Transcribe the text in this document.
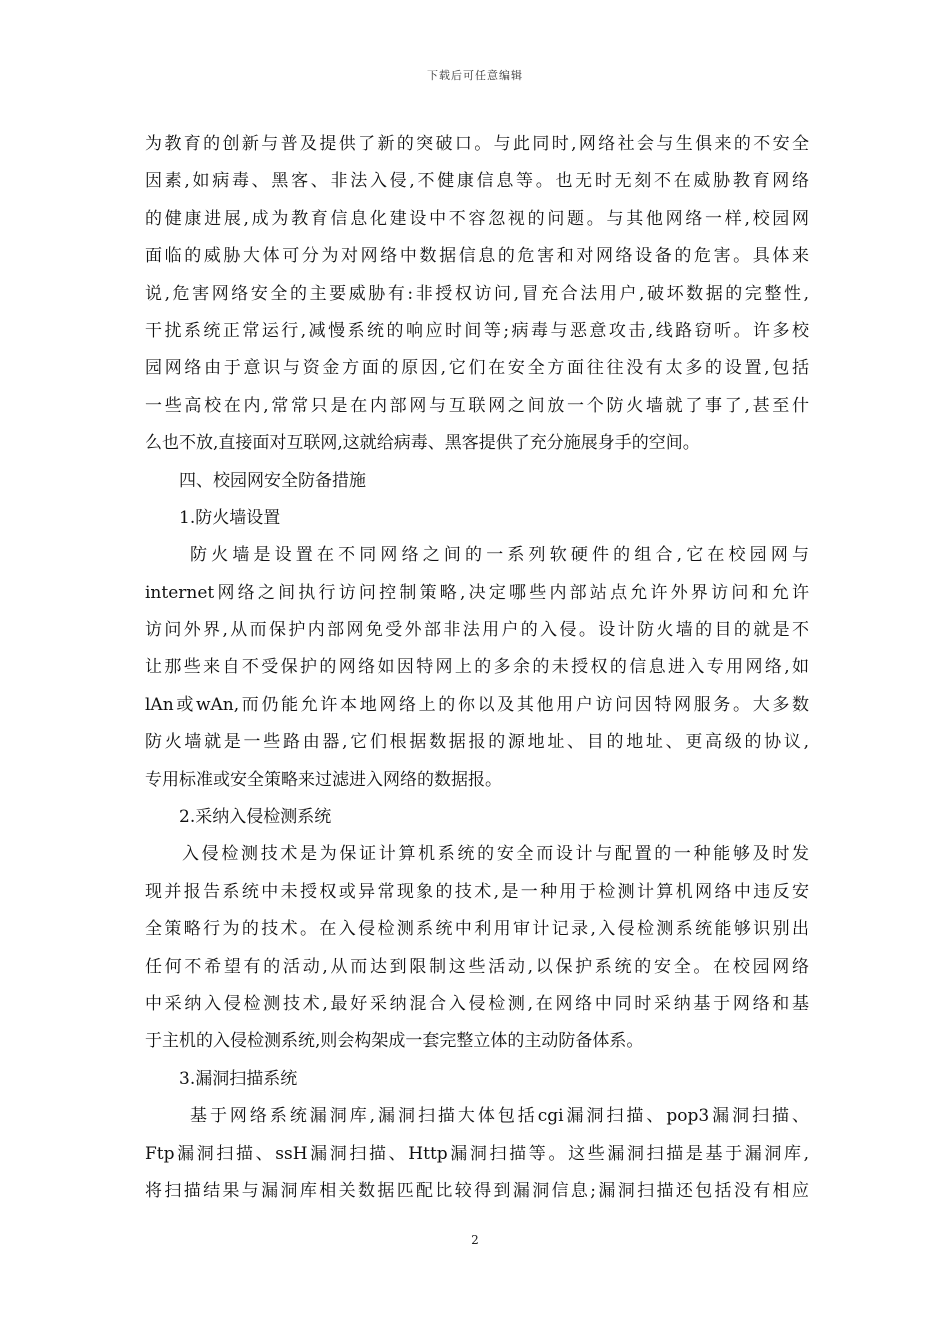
下载后可任意编辑
为教育的创新与普及提供了新的突破口。与此同时,网络社会与生俱来的不安全
因素,如病毒、黑客、非法入侵,不健康信息等。也无时无刻不在威胁教育网络
的健康进展,成为教育信息化建设中不容忽视的问题。与其他网络一样,校园网
面临的威胁大体可分为对网络中数据信息的危害和对网络设备的危害。具体来
说,危害网络安全的主要威胁有:非授权访问,冒充合法用户,破坏数据的完整性,
干扰系统正常运行,减慢系统的响应时间等;病毒与恶意攻击,线路窃听。许多校
园网络由于意识与资金方面的原因,它们在安全方面往往没有太多的设置,包括
一些高校在内,常常只是在内部网与互联网之间放一个防火墙就了事了,甚至什
么也不放,直接面对互联网,这就给病毒、黑客提供了充分施展身手的空间。
四、校园网安全防备措施
1.防火墙设置
防火墙是设置在不同网络之间的一系列软硬件的组合,它在校园网与
internet网络之间执行访问控制策略,决定哪些内部站点允许外界访问和允许
访问外界,从而保护内部网免受外部非法用户的入侵。设计防火墙的目的就是不
让那些来自不受保护的网络如因特网上的多余的未授权的信息进入专用网络,如
lAn或wAn,而仍能允许本地网络上的你以及其他用户访问因特网服务。大多数
防火墙就是一些路由器,它们根据数据报的源地址、目的地址、更高级的协议,
专用标准或安全策略来过滤进入网络的数据报。
2.采纳入侵检测系统
入侵检测技术是为保证计算机系统的安全而设计与配置的一种能够及时发
现并报告系统中未授权或异常现象的技术,是一种用于检测计算机网络中违反安
全策略行为的技术。在入侵检测系统中利用审计记录,入侵检测系统能够识别出
任何不希望有的活动,从而达到限制这些活动,以保护系统的安全。在校园网络
中采纳入侵检测技术,最好采纳混合入侵检测,在网络中同时采纳基于网络和基
于主机的入侵检测系统,则会构架成一套完整立体的主动防备体系。
3.漏洞扫描系统
基于网络系统漏洞库,漏洞扫描大体包括cgi漏洞扫描、pop3漏洞扫描、
Ftp漏洞扫描、ssH漏洞扫描、Http漏洞扫描等。这些漏洞扫描是基于漏洞库,
将扫描结果与漏洞库相关数据匹配比较得到漏洞信息;漏洞扫描还包括没有相应
2
